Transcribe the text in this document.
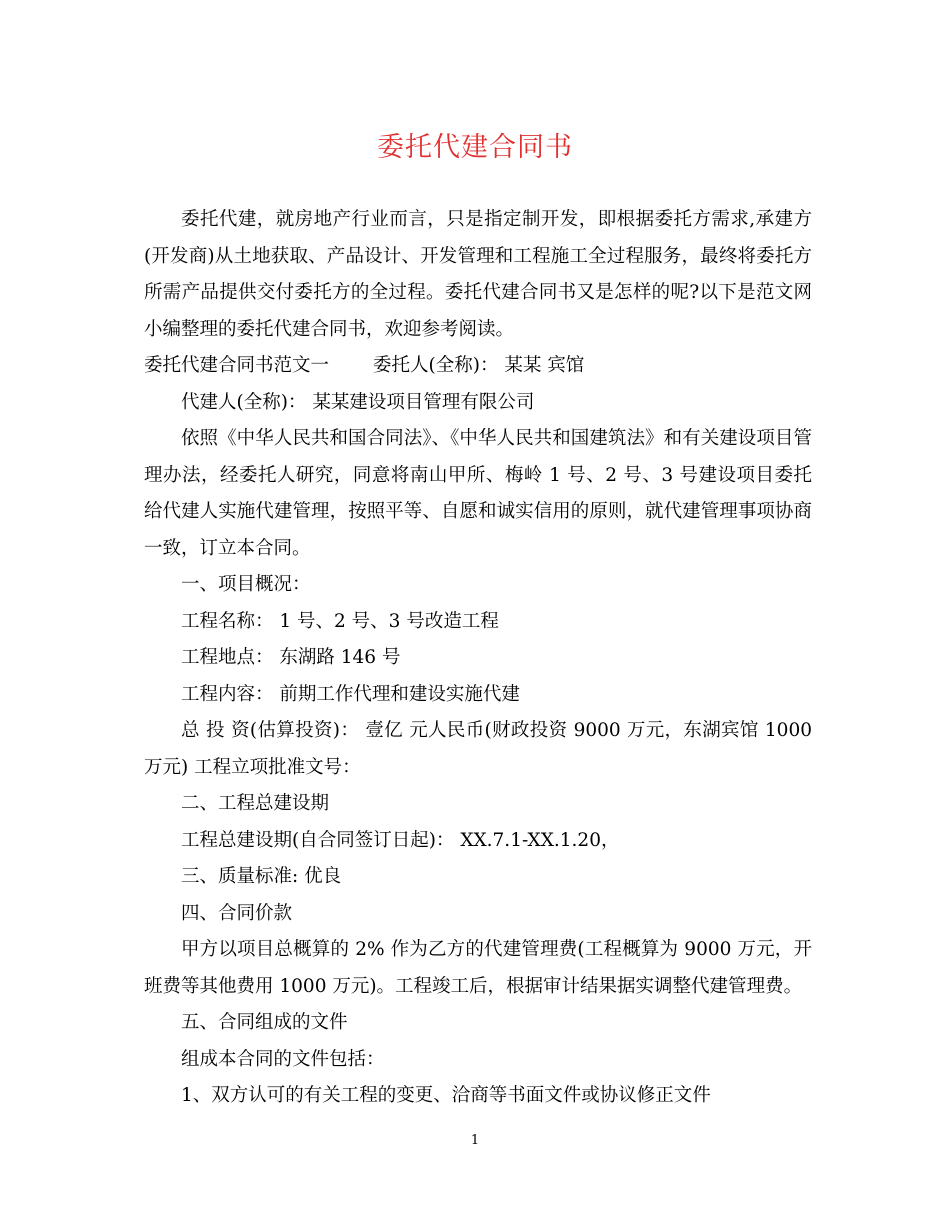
委托代建合同书

委托代建，就房地产行业而言，只是指定制开发，即根据委托方需求,承建方(开发商)从土地获取、产品设计、开发管理和工程施工全过程服务，最终将委托方所需产品提供交付委托方的全过程。委托代建合同书又是怎样的呢?以下是范文网小编整理的委托代建合同书，欢迎参考阅读。

委托代建合同书范文一 委托人(全称)： 某某 宾馆

代建人(全称)： 某某建设项目管理有限公司

依照《中华人民共和国合同法》、《中华人民共和国建筑法》和有关建设项目管理办法，经委托人研究，同意将南山甲所、梅岭 1 号、2 号、3 号建设项目委托给代建人实施代建管理，按照平等、自愿和诚实信用的原则，就代建管理事项协商一致，订立本合同。

一、项目概况：

工程名称： 1 号、2 号、3 号改造工程

工程地点： 东湖路 146 号

工程内容： 前期工作代理和建设实施代建

总 投 资(估算投资)： 壹亿 元人民币(财政投资 9000 万元，东湖宾馆 1000 万元) 工程立项批准文号：

二、工程总建设期

工程总建设期(自合同签订日起)： XX.7.1-XX.1.20，

三、质量标准: 优良

四、合同价款

甲方以项目总概算的 2% 作为乙方的代建管理费(工程概算为 9000 万元，开班费等其他费用 1000 万元)。工程竣工后，根据审计结果据实调整代建管理费。

五、合同组成的文件

组成本合同的文件包括：

1、双方认可的有关工程的变更、洽商等书面文件或协议修正文件

1
